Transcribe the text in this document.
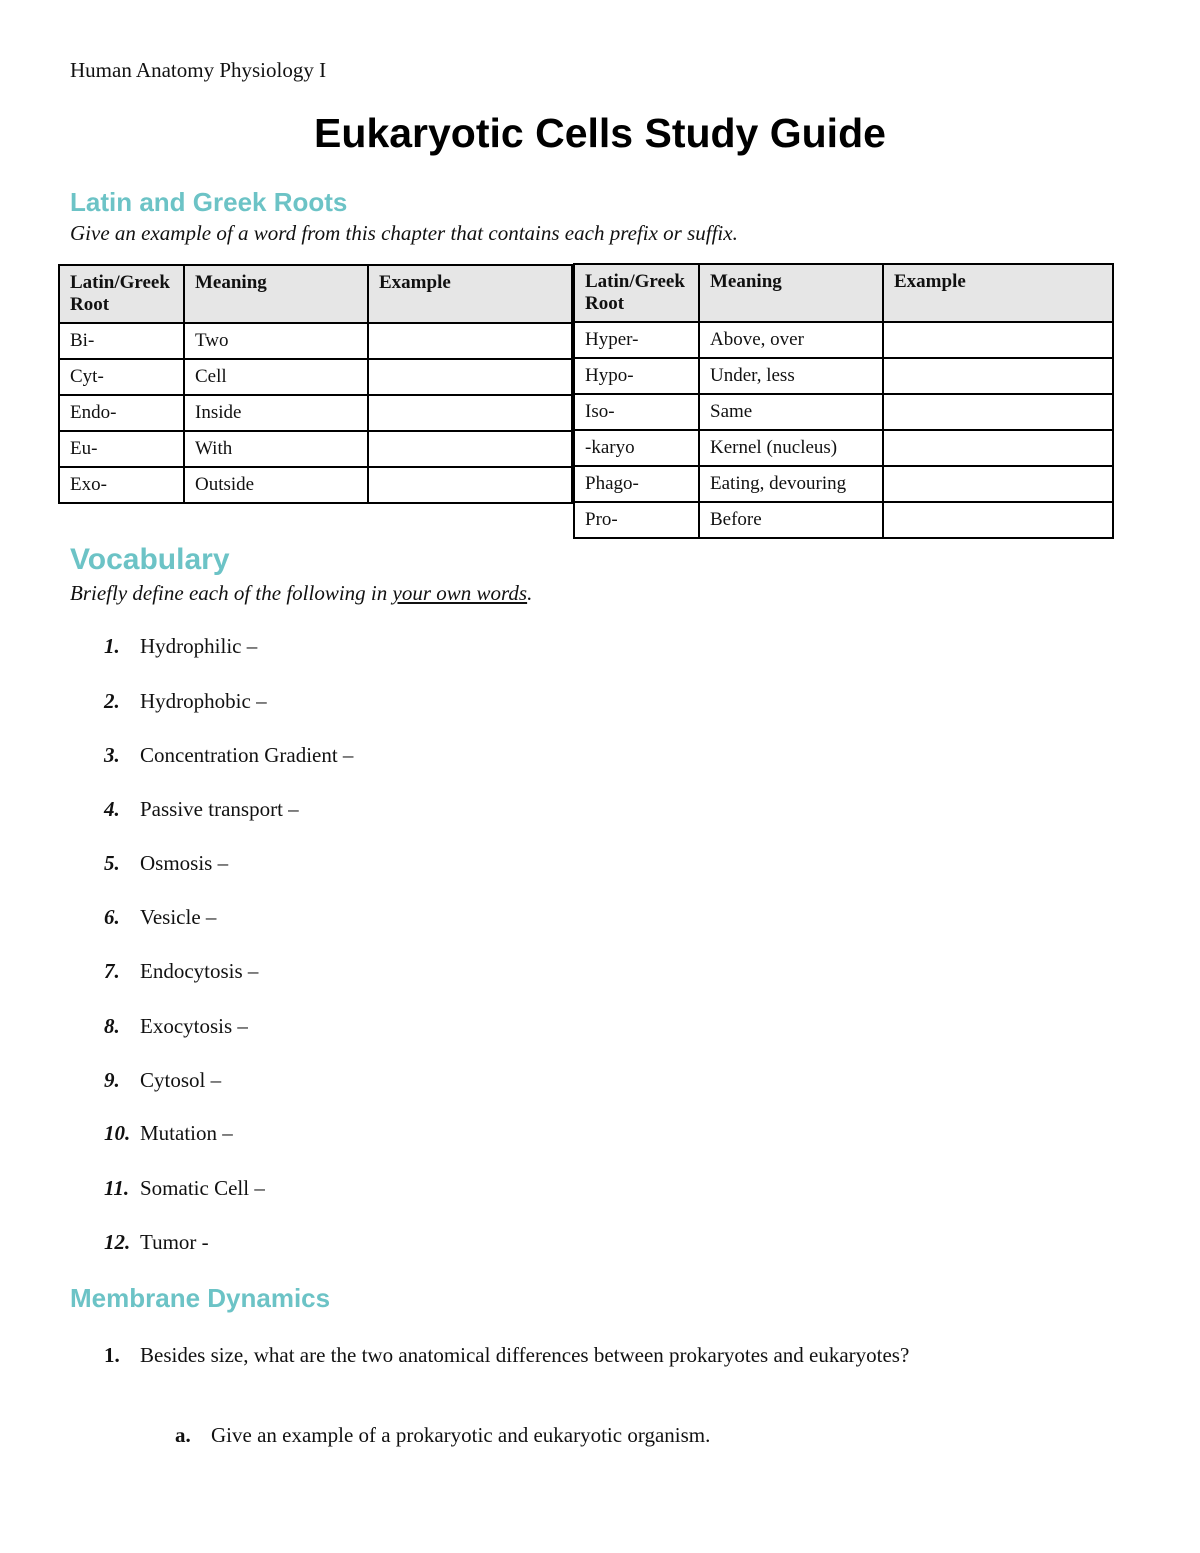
Human Anatomy Physiology I
Eukaryotic Cells Study Guide
Latin and Greek Roots
Give an example of a word from this chapter that contains each prefix or suffix.
Latin/Greek Root	Meaning	Example
Bi-	Two	
Cyt-	Cell	
Endo-	Inside	
Eu-	With	
Exo-	Outside	
Latin/Greek Root	Meaning	Example
Hyper-	Above, over	
Hypo-	Under, less	
Iso-	Same	
-karyo	Kernel (nucleus)	
Phago-	Eating, devouring	
Pro-	Before	
Vocabulary
Briefly define each of the following in your own words.
1. Hydrophilic –
2. Hydrophobic –
3. Concentration Gradient –
4. Passive transport –
5. Osmosis –
6. Vesicle –
7. Endocytosis –
8. Exocytosis –
9. Cytosol –
10. Mutation –
11. Somatic Cell –
12. Tumor -
Membrane Dynamics
1. Besides size, what are the two anatomical differences between prokaryotes and eukaryotes?
a. Give an example of a prokaryotic and eukaryotic organism.
